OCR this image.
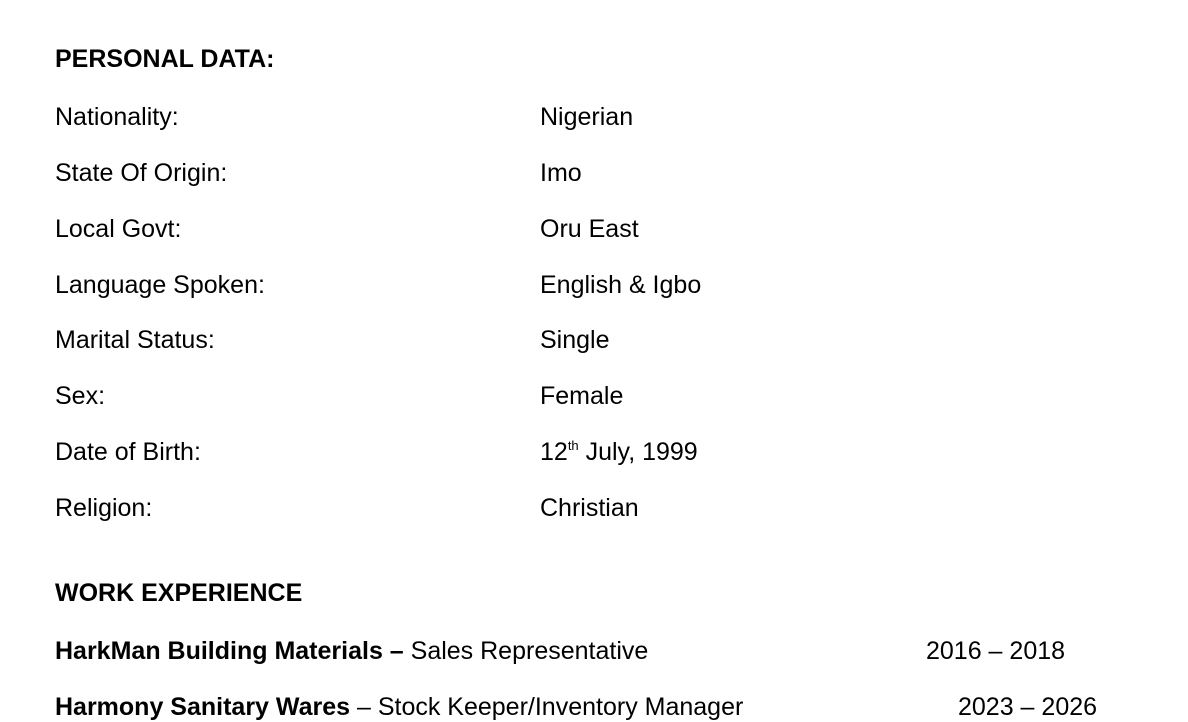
PERSONAL DATA:
Nationality:	Nigerian
State Of Origin:	Imo
Local Govt:	Oru East
Language Spoken:	English & Igbo
Marital Status:	Single
Sex:	Female
Date of Birth:	12th July, 1999
Religion:	Christian
WORK EXPERIENCE
HarkMan Building Materials – Sales Representative	2016 – 2018
Harmony Sanitary Wares – Stock Keeper/Inventory Manager	2023 – 2026
